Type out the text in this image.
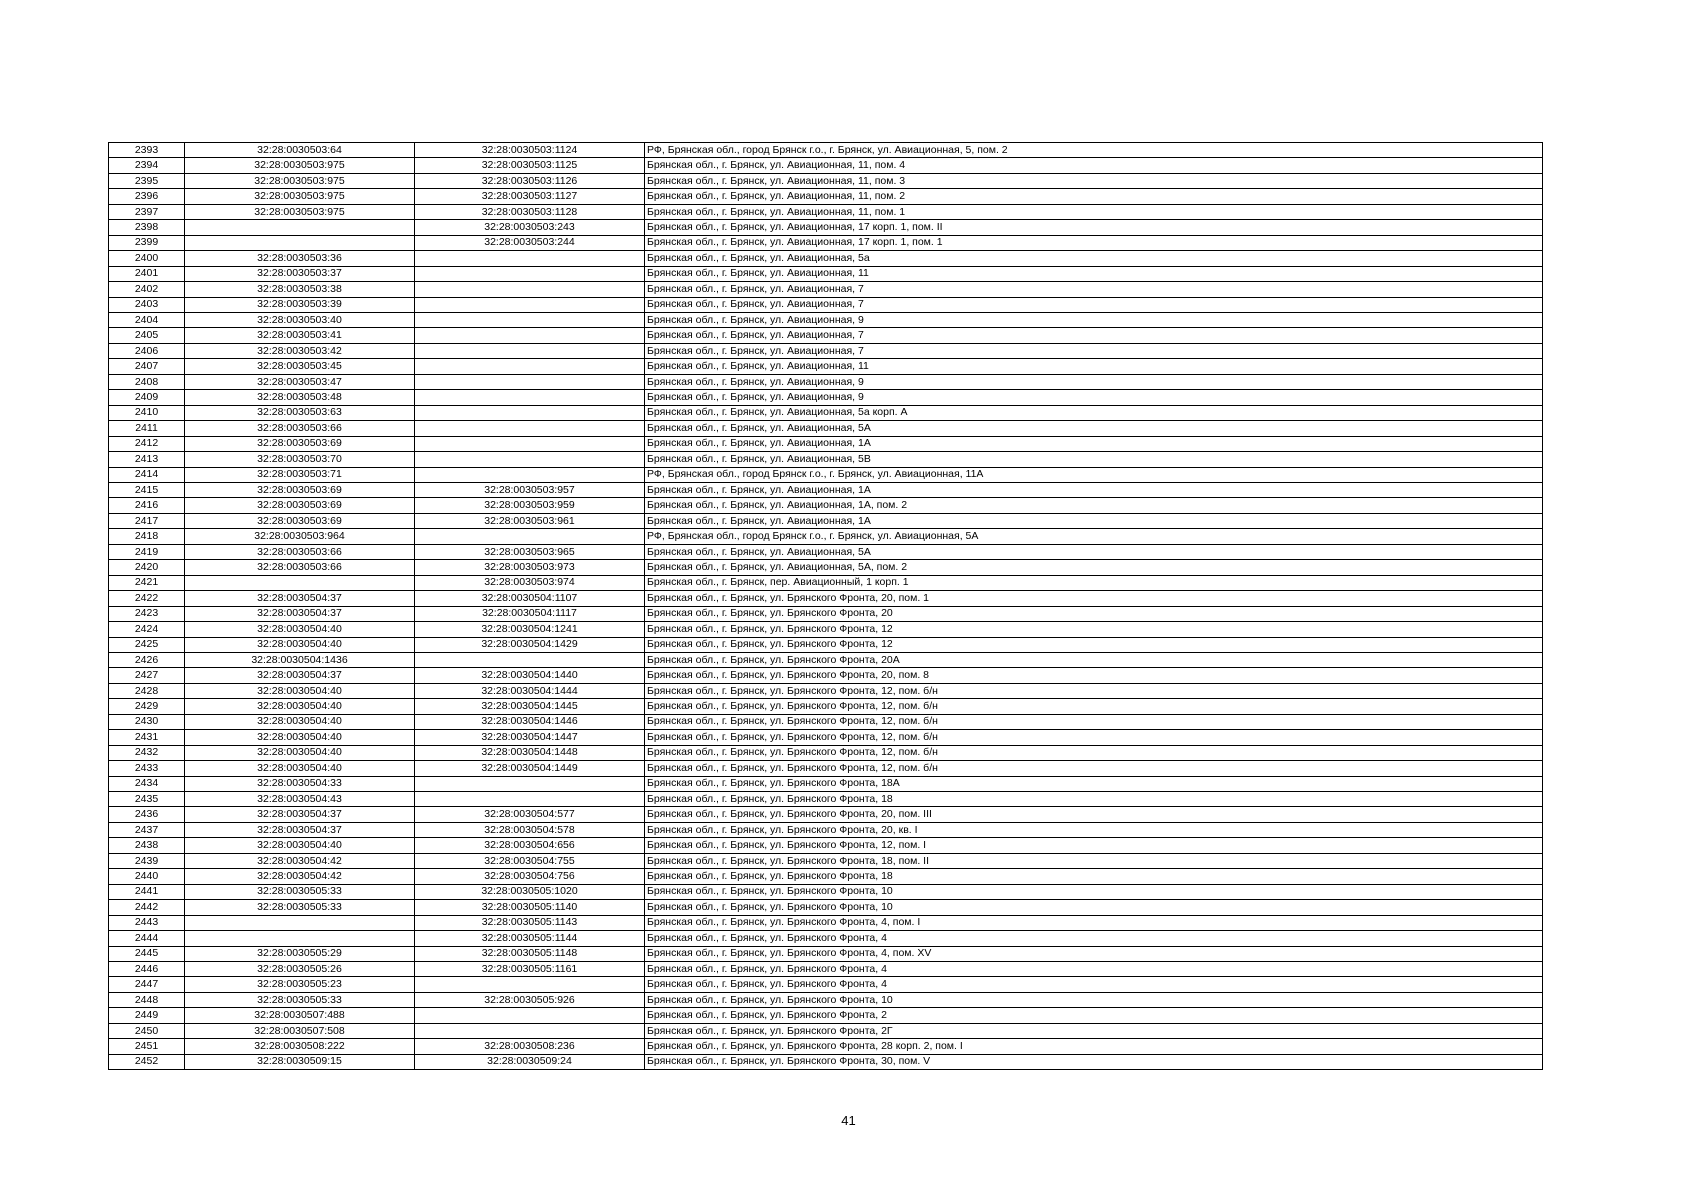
2393	32:28:0030503:64	32:28:0030503:1124	РФ, Брянская обл., город Брянск г.о., г. Брянск, ул. Авиационная, 5, пом. 2
2394	32:28:0030503:975	32:28:0030503:1125	Брянская обл., г. Брянск, ул. Авиационная, 11, пом. 4
2395	32:28:0030503:975	32:28:0030503:1126	Брянская обл., г. Брянск, ул. Авиационная, 11, пом. 3
2396	32:28:0030503:975	32:28:0030503:1127	Брянская обл., г. Брянск, ул. Авиационная, 11, пом. 2
2397	32:28:0030503:975	32:28:0030503:1128	Брянская обл., г. Брянск, ул. Авиационная, 11, пом. 1
2398		32:28:0030503:243	Брянская обл., г. Брянск, ул. Авиационная, 17 корп. 1, пом. II
2399		32:28:0030503:244	Брянская обл., г. Брянск, ул. Авиационная, 17 корп. 1, пом. 1
2400	32:28:0030503:36		Брянская обл., г. Брянск, ул. Авиационная, 5а
2401	32:28:0030503:37		Брянская обл., г. Брянск, ул. Авиационная, 11
2402	32:28:0030503:38		Брянская обл., г. Брянск, ул. Авиационная, 7
2403	32:28:0030503:39		Брянская обл., г. Брянск, ул. Авиационная, 7
2404	32:28:0030503:40		Брянская обл., г. Брянск, ул. Авиационная, 9
2405	32:28:0030503:41		Брянская обл., г. Брянск, ул. Авиационная, 7
2406	32:28:0030503:42		Брянская обл., г. Брянск, ул. Авиационная, 7
2407	32:28:0030503:45		Брянская обл., г. Брянск, ул. Авиационная, 11
2408	32:28:0030503:47		Брянская обл., г. Брянск, ул. Авиационная, 9
2409	32:28:0030503:48		Брянская обл., г. Брянск, ул. Авиационная, 9
2410	32:28:0030503:63		Брянская обл., г. Брянск, ул. Авиационная, 5а корп. А
2411	32:28:0030503:66		Брянская обл., г. Брянск, ул. Авиационная, 5А
2412	32:28:0030503:69		Брянская обл., г. Брянск, ул. Авиационная, 1А
2413	32:28:0030503:70		Брянская обл., г. Брянск, ул. Авиационная, 5В
2414	32:28:0030503:71		РФ, Брянская обл., город Брянск г.о., г. Брянск, ул. Авиационная, 11А
2415	32:28:0030503:69	32:28:0030503:957	Брянская обл., г. Брянск, ул. Авиационная, 1А
2416	32:28:0030503:69	32:28:0030503:959	Брянская обл., г. Брянск, ул. Авиационная, 1А, пом. 2
2417	32:28:0030503:69	32:28:0030503:961	Брянская обл., г. Брянск, ул. Авиационная, 1А
2418	32:28:0030503:964		РФ, Брянская обл., город Брянск г.о., г. Брянск, ул. Авиационная, 5А
2419	32:28:0030503:66	32:28:0030503:965	Брянская обл., г. Брянск, ул. Авиационная, 5А
2420	32:28:0030503:66	32:28:0030503:973	Брянская обл., г. Брянск, ул. Авиационная, 5А, пом. 2
2421		32:28:0030503:974	Брянская обл., г. Брянск, пер. Авиационный, 1 корп. 1
2422	32:28:0030504:37	32:28:0030504:1107	Брянская обл., г. Брянск, ул. Брянского Фронта, 20, пом. 1
2423	32:28:0030504:37	32:28:0030504:1117	Брянская обл., г. Брянск, ул. Брянского Фронта, 20
2424	32:28:0030504:40	32:28:0030504:1241	Брянская обл., г. Брянск, ул. Брянского Фронта, 12
2425	32:28:0030504:40	32:28:0030504:1429	Брянская обл., г. Брянск, ул. Брянского Фронта, 12
2426	32:28:0030504:1436		Брянская обл., г. Брянск, ул. Брянского Фронта, 20А
2427	32:28:0030504:37	32:28:0030504:1440	Брянская обл., г. Брянск, ул. Брянского Фронта, 20, пом. 8
2428	32:28:0030504:40	32:28:0030504:1444	Брянская обл., г. Брянск, ул. Брянского Фронта, 12, пом. б/н
2429	32:28:0030504:40	32:28:0030504:1445	Брянская обл., г. Брянск, ул. Брянского Фронта, 12, пом. б/н
2430	32:28:0030504:40	32:28:0030504:1446	Брянская обл., г. Брянск, ул. Брянского Фронта, 12, пом. б/н
2431	32:28:0030504:40	32:28:0030504:1447	Брянская обл., г. Брянск, ул. Брянского Фронта, 12, пом. б/н
2432	32:28:0030504:40	32:28:0030504:1448	Брянская обл., г. Брянск, ул. Брянского Фронта, 12, пом. б/н
2433	32:28:0030504:40	32:28:0030504:1449	Брянская обл., г. Брянск, ул. Брянского Фронта, 12, пом. б/н
2434	32:28:0030504:33		Брянская обл., г. Брянск, ул. Брянского Фронта, 18А
2435	32:28:0030504:43		Брянская обл., г. Брянск, ул. Брянского Фронта, 18
2436	32:28:0030504:37	32:28:0030504:577	Брянская обл., г. Брянск, ул. Брянского Фронта, 20, пом. III
2437	32:28:0030504:37	32:28:0030504:578	Брянская обл., г. Брянск, ул. Брянского Фронта, 20, кв. I
2438	32:28:0030504:40	32:28:0030504:656	Брянская обл., г. Брянск, ул. Брянского Фронта, 12, пом. I
2439	32:28:0030504:42	32:28:0030504:755	Брянская обл., г. Брянск, ул. Брянского Фронта, 18, пом. II
2440	32:28:0030504:42	32:28:0030504:756	Брянская обл., г. Брянск, ул. Брянского Фронта, 18
2441	32:28:0030505:33	32:28:0030505:1020	Брянская обл., г. Брянск, ул. Брянского Фронта, 10
2442	32:28:0030505:33	32:28:0030505:1140	Брянская обл., г. Брянск, ул. Брянского Фронта, 10
2443		32:28:0030505:1143	Брянская обл., г. Брянск, ул. Брянского Фронта, 4, пом. I
2444		32:28:0030505:1144	Брянская обл., г. Брянск, ул. Брянского Фронта, 4
2445	32:28:0030505:29	32:28:0030505:1148	Брянская обл., г. Брянск, ул. Брянского Фронта, 4, пом. XV
2446	32:28:0030505:26	32:28:0030505:1161	Брянская обл., г. Брянск, ул. Брянского Фронта, 4
2447	32:28:0030505:23		Брянская обл., г. Брянск, ул. Брянского Фронта, 4
2448	32:28:0030505:33	32:28:0030505:926	Брянская обл., г. Брянск, ул. Брянского Фронта, 10
2449	32:28:0030507:488		Брянская обл., г. Брянск, ул. Брянского Фронта, 2
2450	32:28:0030507:508		Брянская обл., г. Брянск, ул. Брянского Фронта, 2Г
2451	32:28:0030508:222	32:28:0030508:236	Брянская обл., г. Брянск, ул. Брянского Фронта, 28 корп. 2, пом. I
2452	32:28:0030509:15	32:28:0030509:24	Брянская обл., г. Брянск, ул. Брянского Фронта, 30, пом. V
41
